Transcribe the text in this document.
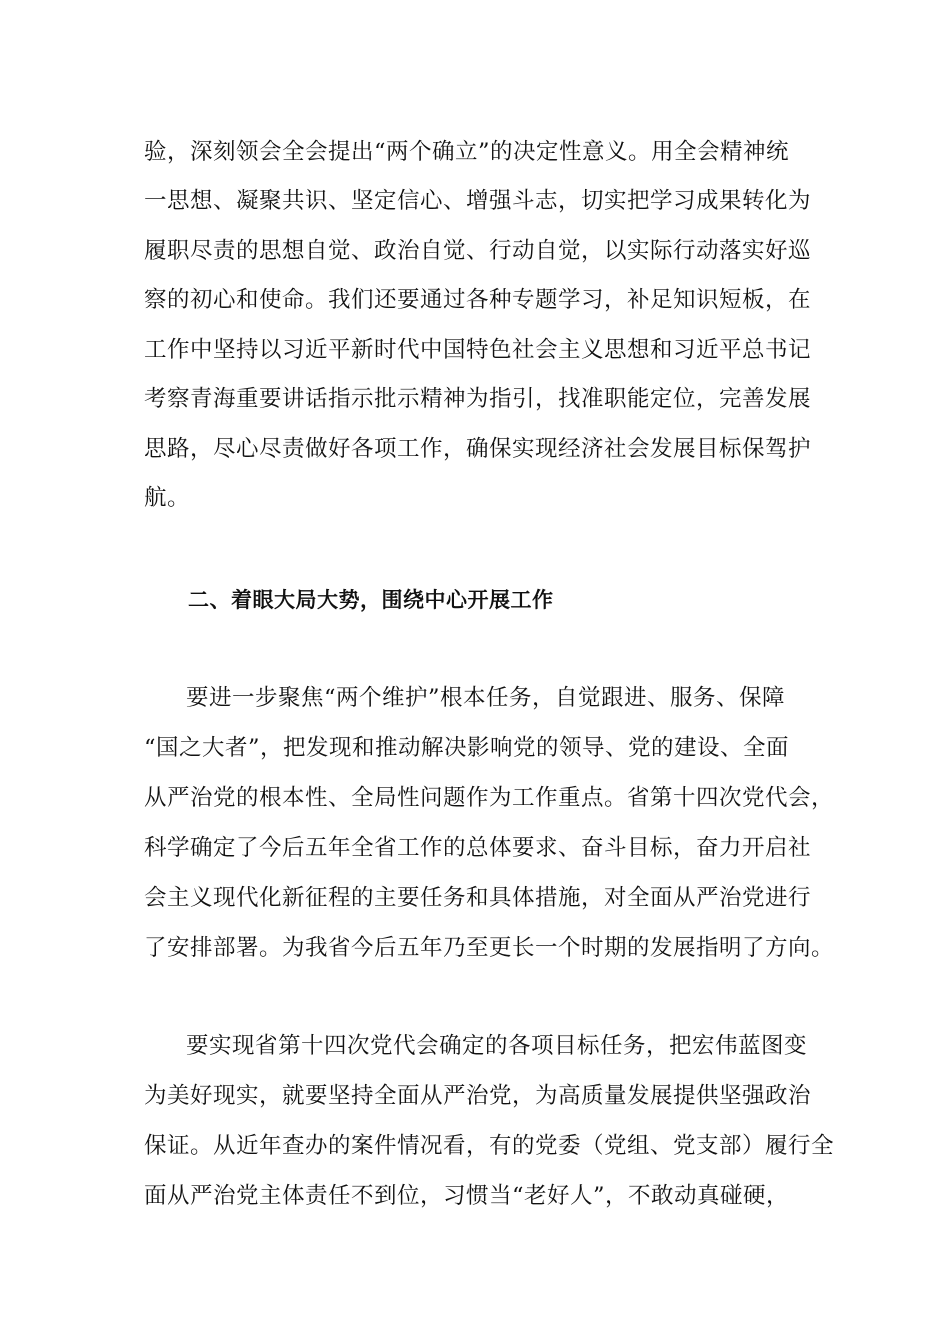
验，深刻领会全会提出“两个确立”的决定性意义。用全会精神统
一思想、凝聚共识、坚定信心、增强斗志，切实把学习成果转化为
履职尽责的思想自觉、政治自觉、行动自觉，以实际行动落实好巡
察的初心和使命。我们还要通过各种专题学习，补足知识短板，在
工作中坚持以习近平新时代中国特色社会主义思想和习近平总书记
考察青海重要讲话指示批示精神为指引，找准职能定位，完善发展
思路，尽心尽责做好各项工作，确保实现经济社会发展目标保驾护
航。
二、着眼大局大势，围绕中心开展工作
要进一步聚焦“两个维护”根本任务，自觉跟进、服务、保障
“国之大者”，把发现和推动解决影响党的领导、党的建设、全面
从严治党的根本性、全局性问题作为工作重点。省第十四次党代会，
科学确定了今后五年全省工作的总体要求、奋斗目标，奋力开启社
会主义现代化新征程的主要任务和具体措施，对全面从严治党进行
了安排部署。为我省今后五年乃至更长一个时期的发展指明了方向。
要实现省第十四次党代会确定的各项目标任务，把宏伟蓝图变
为美好现实，就要坚持全面从严治党，为高质量发展提供坚强政治
保证。从近年查办的案件情况看，有的党委（党组、党支部）履行全
面从严治党主体责任不到位，习惯当“老好人”，不敢动真碰硬，
